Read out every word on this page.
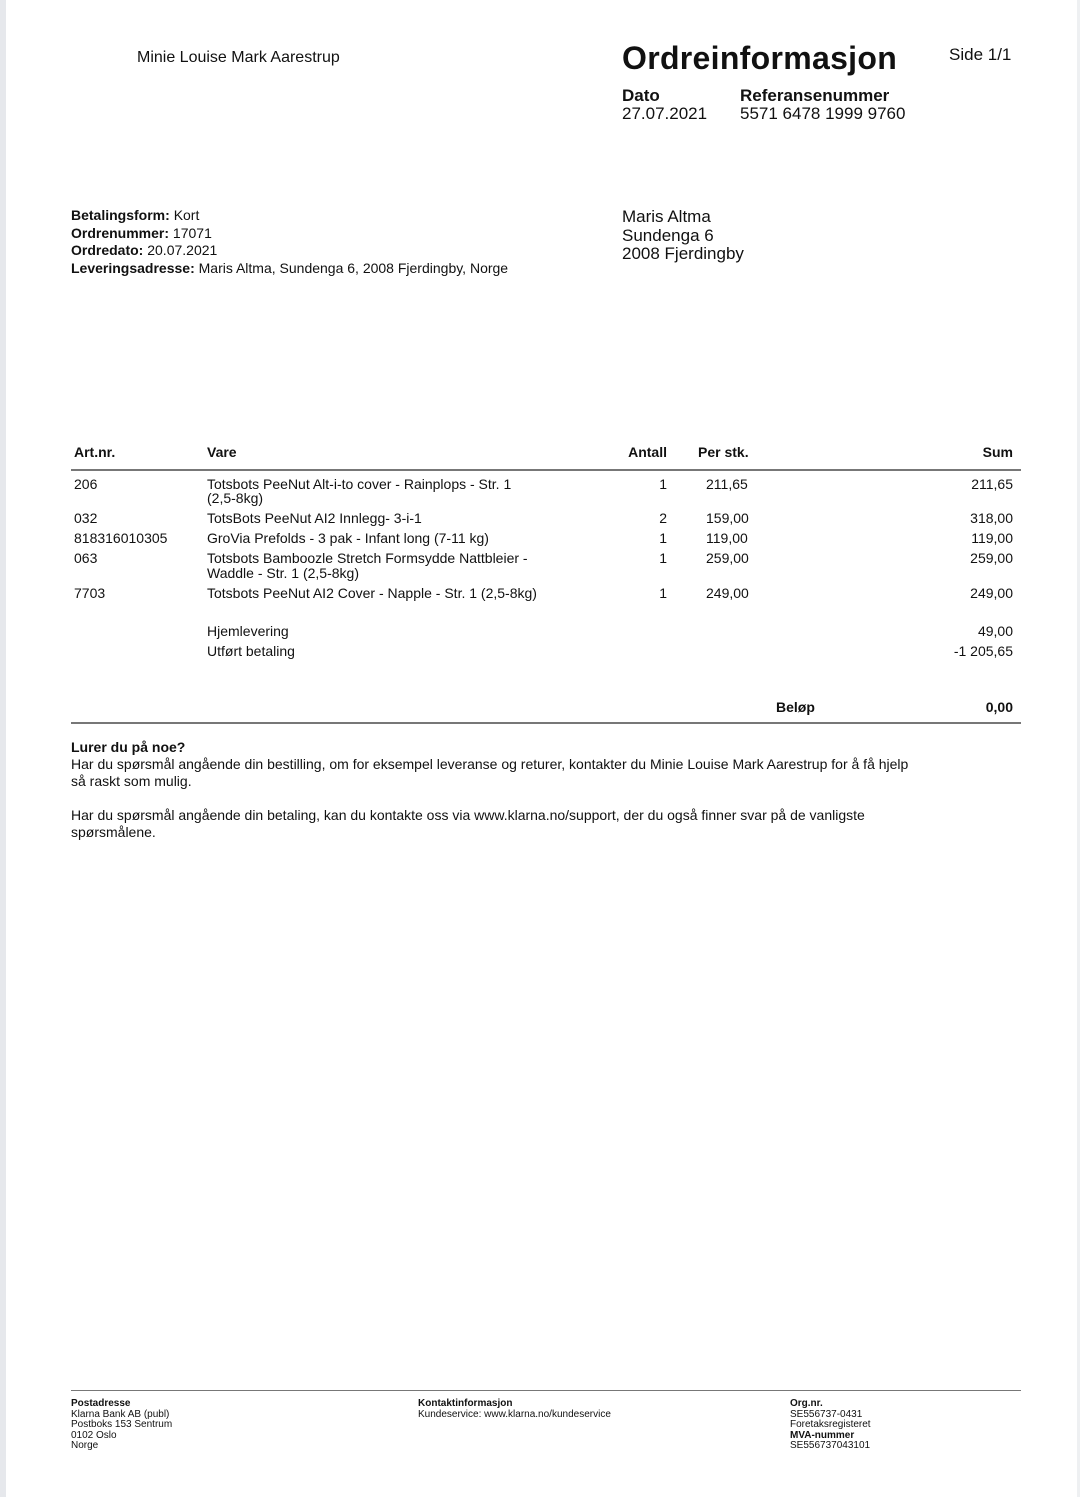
Minie Louise Mark Aarestrup	Ordreinformasjon	Side 1/1
Dato
27.07.2021
Referansenummer
5571 6478 1999 9760
Betalingsform: Kort
Ordrenummer: 17071
Ordredato: 20.07.2021
Leveringsadresse: Maris Altma, Sundenga 6, 2008 Fjerdingby, Norge
Maris Altma
Sundenga 6
2008 Fjerdingby
Art.nr.	Vare	Antall Per stk.	Sum
206	Totsbots PeeNut Alt-i-to cover - Rainplops - Str. 1
(2,5-8kg)
1	211,65	211,65
032	TotsBots PeeNut AI2 Innlegg- 3-i-1	2	159,00	318,00
818316010305	GroVia Prefolds - 3 pak - Infant long (7-11 kg)	1	119,00	119,00
063	Totsbots Bamboozle Stretch Formsydde Nattbleier -
Waddle - Str. 1 (2,5-8kg)
1	259,00	259,00
7703	Totsbots PeeNut AI2 Cover - Napple - Str. 1 (2,5-8kg)	1	249,00	249,00
Hjemlevering	49,00
Utført betaling	-1 205,65
Beløp	0,00

Lurer du på noe?

Har du spørsmål angående din bestilling, om for eksempel leveranse og returer, kontakter du Minie Louise Mark Aarestrup for å få hjelp

så raskt som mulig.

Har du spørsmål angående din betaling, kan du kontakte oss via www.klarna.no/support, der du også finner svar på de vanligste

spørsmålene.

Postadresse
Klarna Bank AB (publ)
Postboks 153 Sentrum
0102 Oslo
Norge
Kontaktinformasjon
Kundeservice: www.klarna.no/kundeservice
Org.nr.
SE556737-0431
Foretaksregisteret
MVA-nummer
SE556737043101
